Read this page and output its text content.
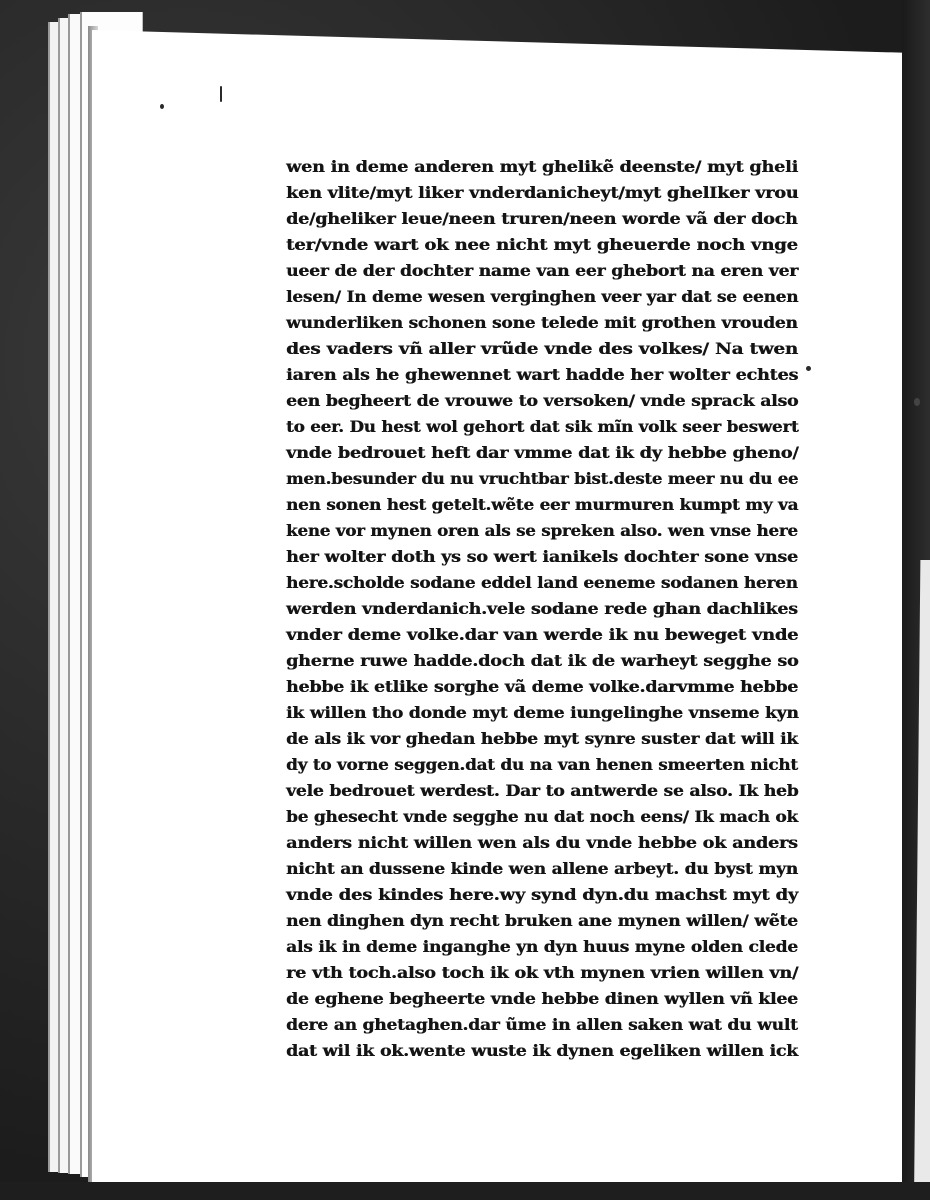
wen in deme anderen myt ghelikẽ deenste/ myt gheli
ken vlite/myt liker vnderdanicheyt/myt ghelIker vrou
de/gheliker leue/neen truren/neen worde vã der doch
ter/vnde wart ok nee nicht myt gheuerde noch vnge
ueer de der dochter name van eer ghebort na eren ver
lesen/ In deme wesen verginghen veer yar dat se eenen
wunderliken schonen sone telede mit grothen vrouden
des vaders vñ aller vrũde vnde des volkes/ Na twen
iaren als he ghewennet wart hadde her wolter echtes
een begheert de vrouwe to versoken/ vnde sprack also
to eer. Du hest wol gehort dat sik mĩn volk seer beswert
vnde bedrouet heft dar vmme dat ik dy hebbe gheno/
men.besunder du nu vruchtbar bist.deste meer nu du ee
nen sonen hest getelt.wẽte eer murmuren kumpt my va
kene vor mynen oren als se spreken also. wen vnse here
her wolter doth ys so wert ianikels dochter sone vnse
here.scholde sodane eddel land eeneme sodanen heren
werden vnderdanich.vele sodane rede ghan dachlikes
vnder deme volke.dar van werde ik nu beweget vnde
gherne ruwe hadde.doch dat ik de warheyt segghe so
hebbe ik etlike sorghe vã deme volke.darvmme hebbe
ik willen tho donde myt deme iungelinghe vnseme kyn
de als ik vor ghedan hebbe myt synre suster dat will ik
dy to vorne seggen.dat du na van henen smeerten nicht
vele bedrouet werdest. Dar to antwerde se also. Ik heb
be ghesecht vnde segghe nu dat noch eens/ Ik mach ok
anders nicht willen wen als du vnde hebbe ok anders
nicht an dussene kinde wen allene arbeyt. du byst myn
vnde des kindes here.wy synd dyn.du machst myt dy
nen dinghen dyn recht bruken ane mynen willen/ wẽte
als ik in deme inganghe yn dyn huus myne olden clede
re vth toch.also toch ik ok vth mynen vrien willen vn/
de eghene begheerte vnde hebbe dinen wyllen vñ klee
dere an ghetaghen.dar ũme in allen saken wat du wult
dat wil ik ok.wente wuste ik dynen egeliken willen ick
